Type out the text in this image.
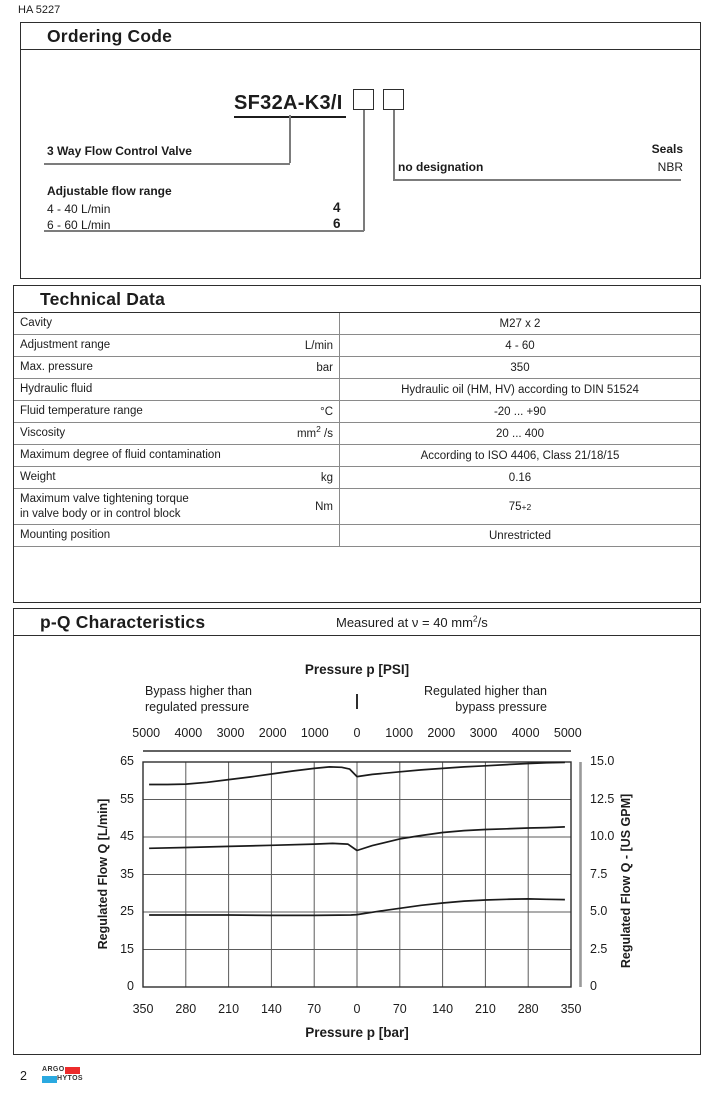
HA 5227
Ordering Code
SF32A-K3/I
3 Way Flow Control Valve
Adjustable flow range
4 - 40 L/min	4
6 - 60 L/min	6
Seals
no designation	NBR
Technical Data
Cavity	M27 x 2
Adjustment range	L/min	4 - 60
Max. pressure	bar	350
Hydraulic fluid	Hydraulic oil (HM, HV) according to DIN 51524
Fluid temperature range	°C	-20 ... +90
Viscosity	$mm^2$ /s	20 ... 400
Maximum degree of fluid contamination	According to ISO 4406, Class 21/18/15
Weight	kg	0.16
Maximum valve tightening torque
in valve body or in control block
Nm	75 +2
Mounting position	Unrestricted
p-Q Characteristics	Measured at ν = 40 $mm^2/s$
Pressure p [PSI]
Bypass higher than
regulated pressure
Regulated higher than
bypass pressure
Regulated Flow Q [L/min]	Regulated Flow Q - [US GPM]
Pressure p [bar]
5000 4000 3000 2000 1000 0 1000 2000 3000 4000 5000
350 280 210 140 70	0	70 140 210 280 350
65
55
45
35
25
15
0
15.0
12.5
10.0
7.5
5.0
2.5
0
2 ARGO
HYTOS
